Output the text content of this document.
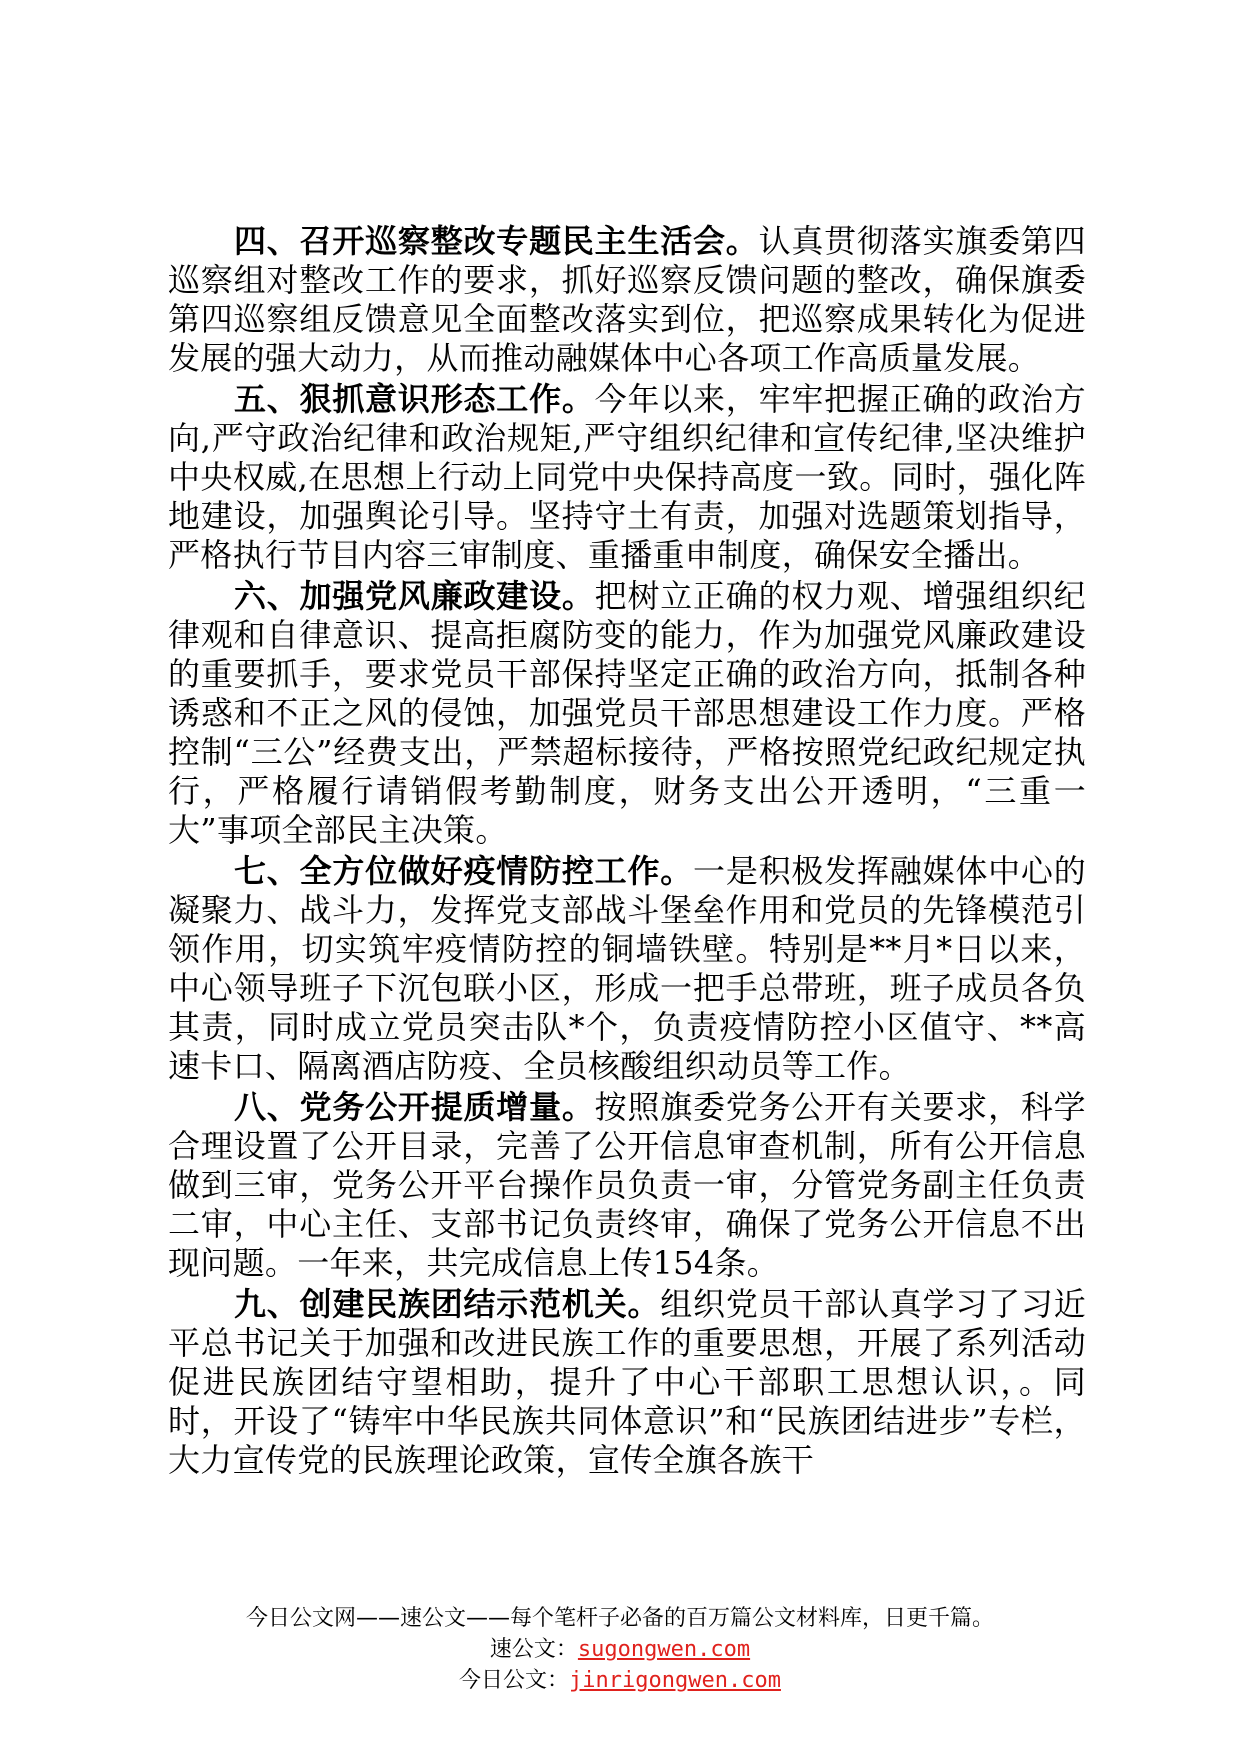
四、召开巡察整改专题民主生活会。认真贯彻落实旗委第四巡察组对整改工作的要求，抓好巡察反馈问题的整改，确保旗委第四巡察组反馈意见全面整改落实到位，把巡察成果转化为促进发展的强大动力，从而推动融媒体中心各项工作高质量发展。

五、狠抓意识形态工作。今年以来，牢牢把握正确的政治方向,严守政治纪律和政治规矩,严守组织纪律和宣传纪律,坚决维护中央权威,在思想上行动上同党中央保持高度一致。同时，强化阵地建设，加强舆论引导。坚持守土有责，加强对选题策划指导，严格执行节目内容三审制度、重播重申制度，确保安全播出。

六、加强党风廉政建设。把树立正确的权力观、增强组织纪律观和自律意识、提高拒腐防变的能力，作为加强党风廉政建设的重要抓手，要求党员干部保持坚定正确的政治方向，抵制各种诱惑和不正之风的侵蚀，加强党员干部思想建设工作力度。严格控制“三公”经费支出，严禁超标接待，严格按照党纪政纪规定执行，严格履行请销假考勤制度，财务支出公开透明，“三重一大”事项全部民主决策。

七、全方位做好疫情防控工作。一是积极发挥融媒体中心的凝聚力、战斗力，发挥党支部战斗堡垒作用和党员的先锋模范引领作用，切实筑牢疫情防控的铜墙铁壁。特别是**月*日以来，中心领导班子下沉包联小区，形成一把手总带班，班子成员各负其责，同时成立党员突击队*个，负责疫情防控小区值守、**高速卡口、隔离酒店防疫、全员核酸组织动员等工作。

八、党务公开提质增量。按照旗委党务公开有关要求，科学合理设置了公开目录，完善了公开信息审查机制，所有公开信息做到三审，党务公开平台操作员负责一审，分管党务副主任负责二审，中心主任、支部书记负责终审，确保了党务公开信息不出现问题。一年来，共完成信息上传154条。

九、创建民族团结示范机关。组织党员干部认真学习了习近平总书记关于加强和改进民族工作的重要思想，开展了系列活动促进民族团结守望相助，提升了中心干部职工思想认识，。同时，开设了“铸牢中华民族共同体意识”和“民族团结进步”专栏，大力宣传党的民族理论政策，宣传全旗各族干

今日公文网——速公文——每个笔杆子必备的百万篇公文材料库，日更千篇。
速公文：sugongwen.com
今日公文：jinrigongwen.com
